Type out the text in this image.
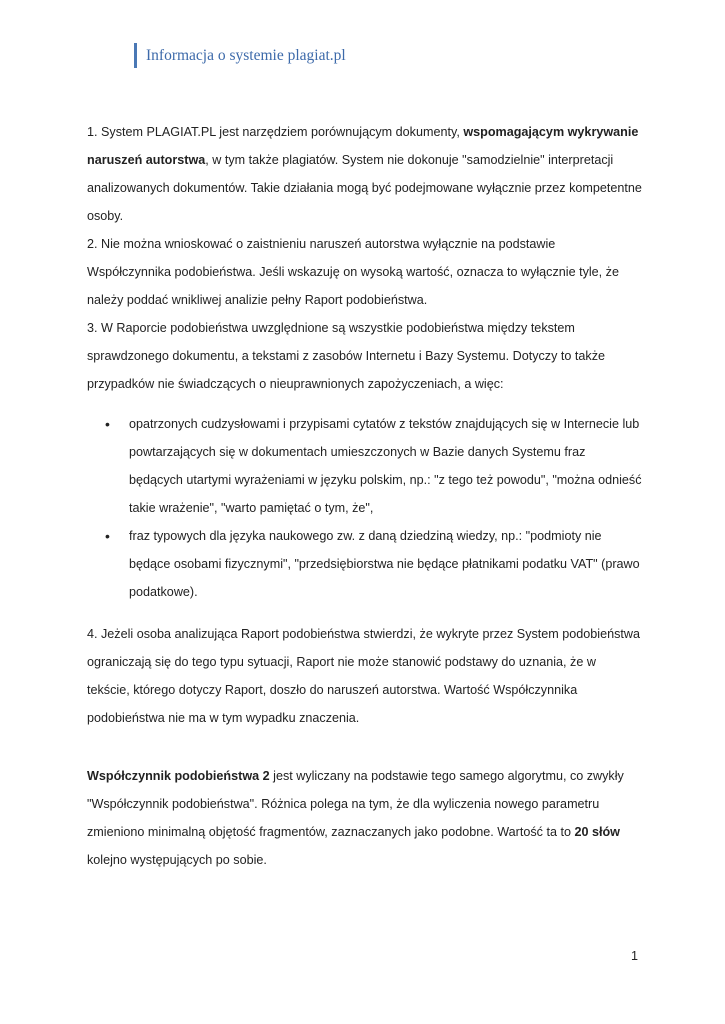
Informacja o systemie plagiat.pl

1. System PLAGIAT.PL jest narzędziem porównującym dokumenty, wspomagającym wykrywanie naruszeń autorstwa, w tym także plagiatów. System nie dokonuje "samodzielnie" interpretacji analizowanych dokumentów. Takie działania mogą być podejmowane wyłącznie przez kompetentne osoby.

2. Nie można wnioskować o zaistnieniu naruszeń autorstwa wyłącznie na podstawie Współczynnika podobieństwa. Jeśli wskazuję on wysoką wartość, oznacza to wyłącznie tyle, że należy poddać wnikliwej analizie pełny Raport podobieństwa.

3. W Raporcie podobieństwa uwzględnione są wszystkie podobieństwa między tekstem sprawdzonego dokumentu, a tekstami z zasobów Internetu i Bazy Systemu. Dotyczy to także przypadków nie świadczących o nieuprawnionych zapożyczeniach, a więc:

• opatrzonych cudzysłowami i przypisami cytatów z tekstów znajdujących się w Internecie lub powtarzających się w dokumentach umieszczonych w Bazie danych Systemu fraz będących utartymi wyrażeniami w języku polskim, np.: "z tego też powodu", "można odnieść takie wrażenie", "warto pamiętać o tym, że",
• fraz typowych dla języka naukowego zw. z daną dziedziną wiedzy, np.: "podmioty nie będące osobami fizycznymi", "przedsiębiorstwa nie będące płatnikami podatku VAT" (prawo podatkowe).

4. Jeżeli osoba analizująca Raport podobieństwa stwierdzi, że wykryte przez System podobieństwa ograniczają się do tego typu sytuacji, Raport nie może stanowić podstawy do uznania, że w tekście, którego dotyczy Raport, doszło do naruszeń autorstwa. Wartość Współczynnika podobieństwa nie ma w tym wypadku znaczenia.

Współczynnik podobieństwa 2 jest wyliczany na podstawie tego samego algorytmu, co zwykły "Współczynnik podobieństwa". Różnica polega na tym, że dla wyliczenia nowego parametru zmieniono minimalną objętość fragmentów, zaznaczanych jako podobne. Wartość ta to 20 słów kolejno występujących po sobie.

1
